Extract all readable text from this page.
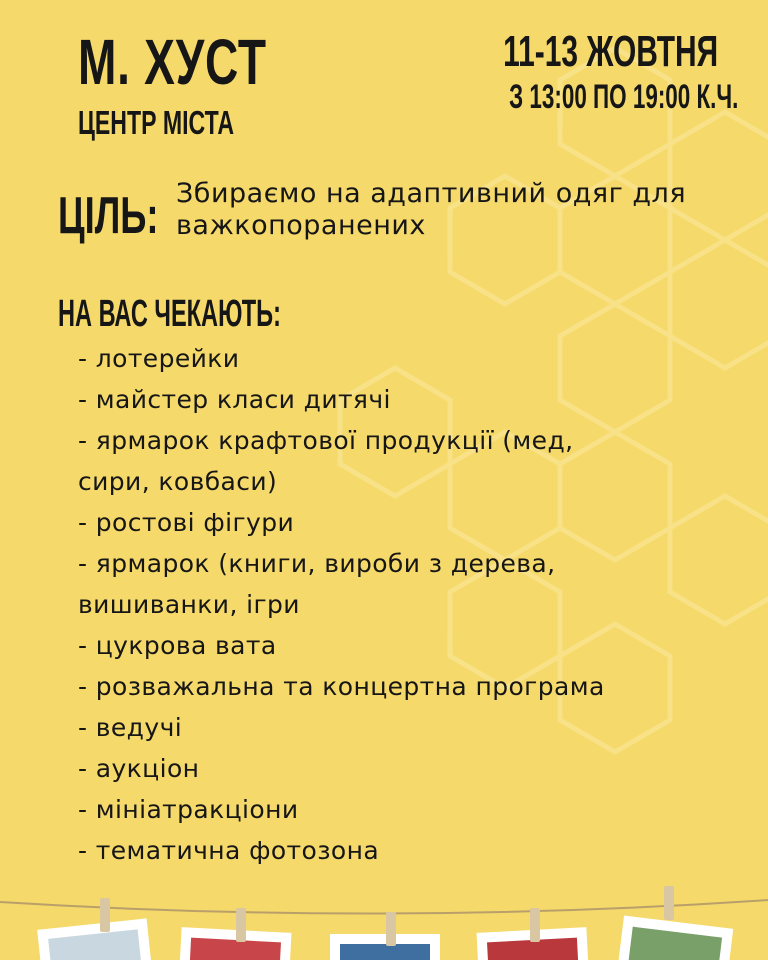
М. ХУСТ
ЦЕНТР МІСТА
11-13 ЖОВТНЯ
З 13:00 ПО 19:00 К.Ч.
ЦІЛЬ: Збираємо на адаптивний одяг для важкопоранених
НА ВАС ЧЕКАЮТЬ:
- лотерейки
- майстер класи дитячі
- ярмарок крафтової продукції (мед,
сири, ковбаси)
- ростові фігури
- ярмарок (книги, вироби з дерева,
вишиванки, ігри
- цукрова вата
- розважальна та концертна програма
- ведучі
- аукціон
- мініатракціони
- тематична фотозона
